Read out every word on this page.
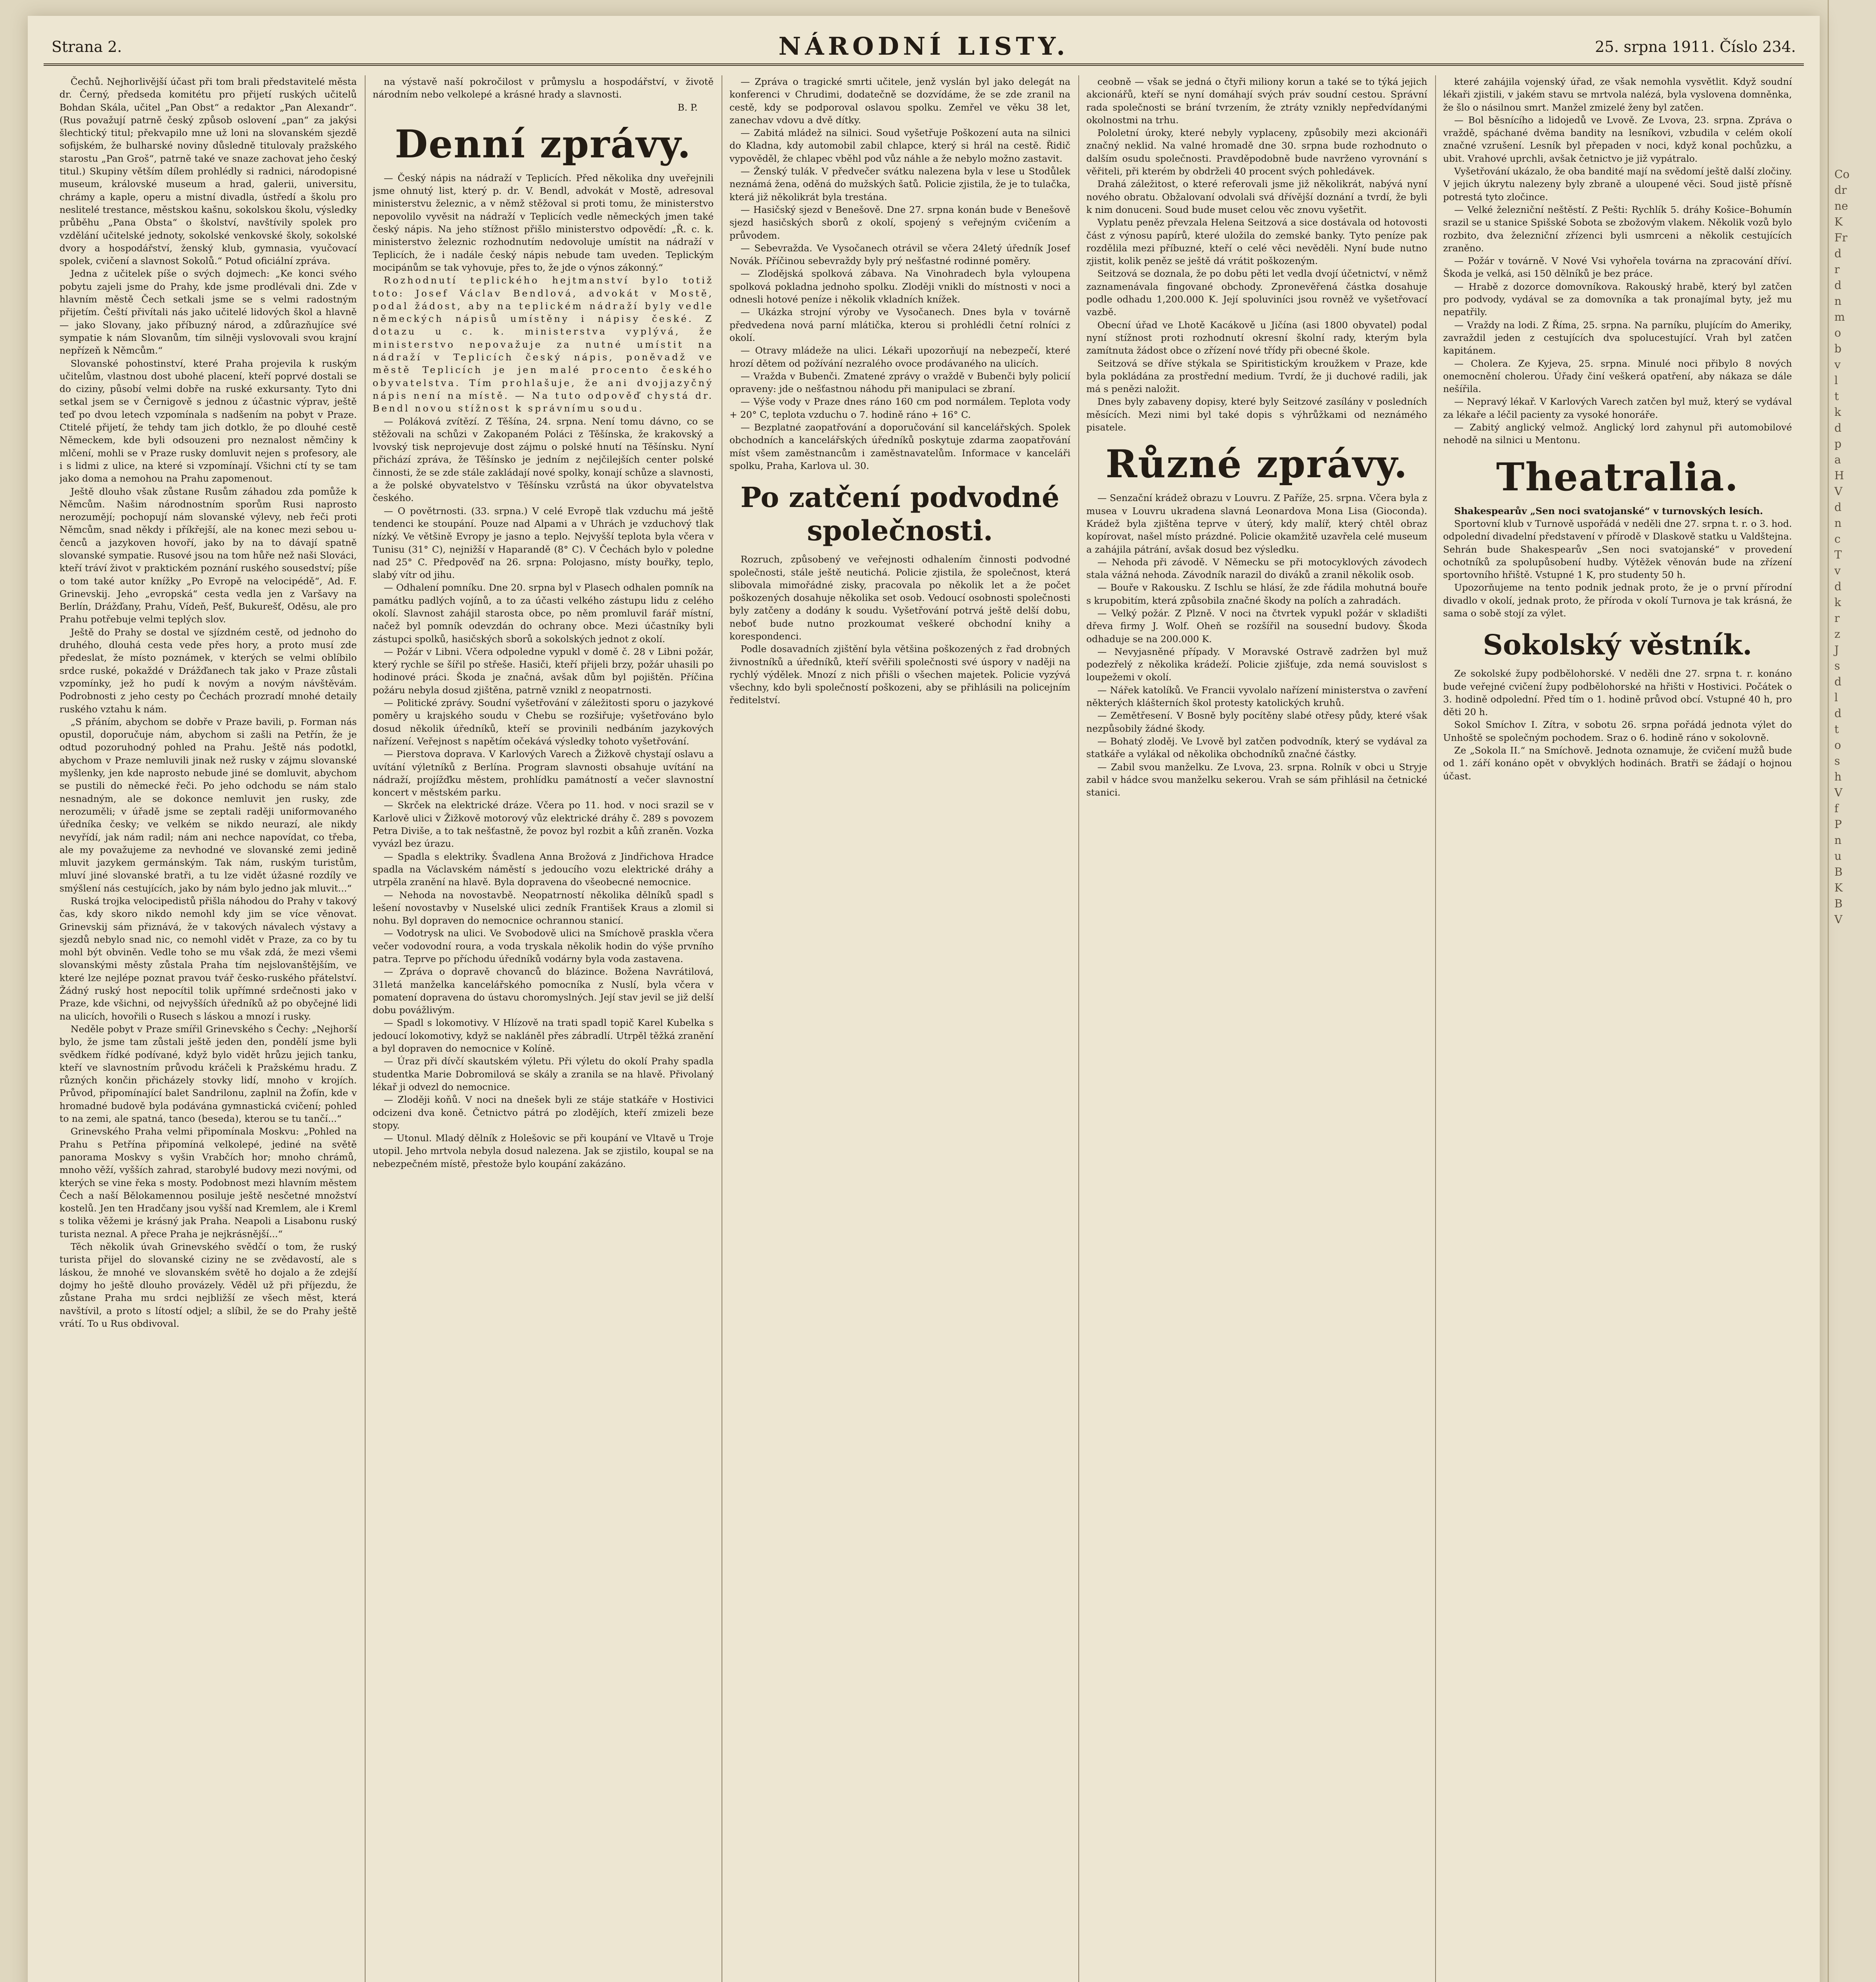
Co
dr
ne
K
Fr
d
r
d
n
m
o
b
v
l
t
k
d
p
a
H
V
d
n
c
T
v
d
k
r
z
J
s
d
l
d
t
o
s
h
V
f
P
n
u
B
K
B
V
Strana 2.	NÁRODNÍ LISTY.	25. srpna 1911. Číslo 234.

Čechů. Nejhorlivější účast při tom brali představitelé města dr. Černý, předseda komitétu pro přijetí ruských učitelů Bohdan Skála, učitel „Pan Obst“ a redaktor „Pan Alexandr“. (Rus považují patrně český způsob oslovení „pan“ za jakýsi šlechtický titul; překvapilo mne už loni na slovanském sjezdě sofijském, že bulharské noviny důsledně titulovaly pražského starostu „Pan Groš“, patrně také ve snaze zachovat jeho český titul.) Skupiny větším dílem prohlédly si radnici, národopisné museum, královské museum a hrad, galerii, universitu, chrámy a kaple, operu a mistní divadla, ústředí a školu pro neslitelé trestance, městskou kašnu, sokolskou školu, výsledky průběhu „Pana Obsta“ o školství, navštívily spolek pro vzdělání učitelské jednoty, sokolské venkovské školy, sokolské dvory a hospodářství, ženský klub, gymnasia, vyučovací spolek, cvičení a slavnost Sokolů.“ Potud oficiální zpráva.

Jedna z učitelek píše o svých dojmech: „Ke konci svého pobytu zajeli jsme do Prahy, kde jsme prodlévali dni. Zde v hlavním městě Čech setkali jsme se s velmi radostným přijetím. Čeští přivítali nás jako učitelé lidových škol a hlavně — jako Slovany, jako příbuzný národ, a zdůrazňujíce své sympatie k nám Slovanům, tím silněji vyslovovali svou krajní nepřízeň k Němcům.“

Slovanské pohostinství, které Praha projevila k ruským učitelům, vlastnou dost ubohé placení, kteří poprvé dostali se do ciziny, působí velmi dobře na ruské exkursanty. Tyto dni setkal jsem se v Černigově s jednou z účastnic výprav, ještě teď po dvou letech vzpomínala s nadšením na pobyt v Praze. Ctitelé přijetí, že tehdy tam jich dotklo, že po dlouhé cestě Německem, kde byli odsouzeni pro neznalost němčiny k mlčení, mohli se v Praze rusky domluvit nejen s profesory, ale i s lidmi z ulice, na které si vzpomínají. Všichni ctí ty se tam jako doma a nemohou na Prahu zapomenout.

Ještě dlouho však zůstane Rusům záhadou zda pomůže k Němcům. Našim národnostním sporům Rusi naprosto nerozumějí; pochopují nám slovanské výlevy, neb řeči proti Němcům, snad někdy i příkřejší, ale na konec mezi sebou učenců a jazykoven hovoří, jako by na to dávají spatně slovanské sympatie. Rusové jsou na tom hůře než naši Slováci, kteří tráví život v praktickém poznání ruského sousedství; píše o tom také autor knížky „Po Evropě na velocipédě“, Ad. F. Grinevskij. Jeho „evropská“ cesta vedla jen z Varšavy na Berlín, Drážďany, Prahu, Vídeň, Pešť, Bukurešť, Oděsu, ale pro Prahu potřebuje velmi teplých slov.

Ještě do Prahy se dostal ve sjízdném cestě, od jednoho do druhého, dlouhá cesta vede přes hory, a proto musí zde předeslat, že místo poznámek, v kterých se velmi oblíbilo srdce ruské, pokaždé v Drážďanech tak jako v Praze zůstali vzpomínky, jež ho pudí k novým a novým návštěvám. Podrobnosti z jeho cesty po Čechách prozradí mnohé detaily ruského vztahu k nám.

„S přáním, abychom se dobře v Praze bavili, p. Forman nás opustil, doporučuje nám, abychom si zašli na Petřín, že je odtud pozoruhodný pohled na Prahu. Ještě nás podotkl, abychom v Praze nemluvili jinak než rusky v zájmu slovanské myšlenky, jen kde naprosto nebude jiné se domluvit, abychom se pustili do německé řeči. Po jeho odchodu se nám stalo nesnadným, ale se dokonce nemluvit jen rusky, zde nerozuměli; v úřadě jsme se zeptali raději uniformovaného úředníka česky; ve velkém se nikdo neurazí, ale nikdy nevyřídí, jak nám radil; nám ani nechce napovídat, co třeba, ale my považujeme za nevhodné ve slovanské zemi jedině mluvit jazykem germánským. Tak nám, ruským turistům, mluví jiné slovanské bratři, a tu lze vidět úžasné rozdíly ve smýšlení nás cestujících, jako by nám bylo jedno jak mluvit...“

Ruská trojka velocipedistů přišla náhodou do Prahy v takový čas, kdy skoro nikdo nemohl kdy jim se více věnovat. Grinevskij sám přiznává, že v takových návalech výstavy a sjezdů nebylo snad nic, co nemohl vidět v Praze, za co by tu mohl být obviněn. Vedle toho se mu však zdá, že mezi všemi slovanskými městy zůstala Praha tím nejslovanštějším, ve které lze nejlépe poznat pravou tvář česko-ruského přátelství. Žádný ruský host nepocítil tolik upřímné srdečnosti jako v Praze, kde všichni, od nejvyšších úředníků až po obyčejné lidi na ulicích, hovořili o Rusech s láskou a mnozí i rusky.

Neděle pobyt v Praze smířil Grinevského s Čechy: „Nejhorší bylo, že jsme tam zůstali ještě jeden den, pondělí jsme byli svědkem řídké podívané, když bylo vidět hrůzu jejich tanku, kteří ve slavnostním průvodu kráčeli k Pražskému hradu. Z různých končin přicházely stovky lidí, mnoho v krojích. Průvod, připomínající balet Sandrilonu, zaplnil na Žofín, kde v hromadné budově byla podávána gymnastická cvičení; pohled to na zemi, ale spatná, tanco (beseda), kterou se tu tančí...“

Grinevského Praha velmi připomínala Moskvu: „Pohled na Prahu s Petřína připomíná velkolepé, jediné na světě panorama Moskvy s vyšin Vrabčích hor; mnoho chrámů, mnoho věží, vyšších zahrad, starobylé budovy mezi novými, od kterých se vine řeka s mosty. Podobnost mezi hlavním městem Čech a naší Bělokamennou posiluje ještě nesčetné množství kostelů. Jen ten Hradčany jsou vyšší nad Kremlem, ale i Kreml s tolika věžemi je krásný jak Praha. Neapoli a Lisabonu ruský turista neznal. A přece Praha je nejkrásnější...“

Těch několik úvah Grinevského svědčí o tom, že ruský turista přijel do slovanské ciziny ne se zvědavostí, ale s láskou, že mnohé ve slovanském světě ho dojalo a že zdejší dojmy ho ještě dlouho provázely. Věděl už při příjezdu, že zůstane Praha mu srdci nejbližší ze všech měst, která navštívil, a proto s lítostí odjel; a slíbil, že se do Prahy ještě vrátí. To u Rus obdivoval.

na výstavě naší pokročilost v průmyslu a hospodářství, v životě národním nebo velkolepé a krásné hrady a slavnosti.

B. P.

Denní zprávy.

— Český nápis na nádraží v Teplicích. Před několika dny uveřejnili jsme ohnutý list, který p. dr. V. Bendl, advokát v Mostě, adresoval ministerstvu železnic, a v němž stěžoval si proti tomu, že ministerstvo nepovolilo vyvěsit na nádraží v Teplicích vedle německých jmen také český nápis. Na jeho stížnost přišlo ministerstvo odpovědí: „Ř. c. k. ministerstvo železnic rozhodnutím nedovoluje umístit na nádraží v Teplicích, že i nadále český nápis nebude tam uveden. Teplickým mocipánům se tak vyhovuje, přes to, že jde o výnos zákonný.“

Rozhodnutí teplického hejtmanství bylo totiž toto: Josef Václav Bendlová, advokát v Mostě, podal žádost, aby na teplickém nádraží byly vedle německých nápisů umístěny i nápisy české. Z dotazu u c. k. ministerstva vyplývá, že ministerstvo nepovažuje za nutné umístit na nádraží v Teplicích český nápis, poněvadž ve městě Teplicích je jen malé procento českého obyvatelstva. Tím prohlašuje, že ani dvojjazyčný nápis není na místě. — Na tuto odpověď chystá dr. Bendl novou stížnost k správnímu soudu.

— Poláková zvítězí. Z Těšína, 24. srpna. Není tomu dávno, co se stěžovali na schůzi v Zakopaném Poláci z Těšínska, že krakovský a lvovský tisk neprojevuje dost zájmu o polské hnutí na Těšínsku. Nyní přichází zpráva, že Těšínsko je jedním z nejčilejších center polské činnosti, že se zde stále zakládají nové spolky, konají schůze a slavnosti, a že polské obyvatelstvo v Těšínsku vzrůstá na úkor obyvatelstva českého.

— O povětrnosti. (33. srpna.) V celé Evropě tlak vzduchu má ještě tendenci ke stoupání. Pouze nad Alpami a v Uhrách je vzduchový tlak nízký. Ve většině Evropy je jasno a teplo. Nejvyšší teplota byla včera v Tunisu (31° C), nejnižší v Haparandě (8° C). V Čechách bylo v poledne nad 25° C. Předpověď na 26. srpna: Polojasno, místy bouřky, teplo, slabý vítr od jihu.

— Odhalení pomníku. Dne 20. srpna byl v Plasech odhalen pomník na památku padlých vojínů, a to za účasti velkého zástupu lidu z celého okolí. Slavnost zahájil starosta obce, po něm promluvil farář místní, načež byl pomník odevzdán do ochrany obce. Mezi účastníky byli zástupci spolků, hasičských sborů a sokolských jednot z okolí.

— Požár v Libni. Včera odpoledne vypukl v domě č. 28 v Libni požár, který rychle se šířil po střeše. Hasiči, kteří přijeli brzy, požár uhasili po hodinové práci. Škoda je značná, avšak dům byl pojištěn. Příčina požáru nebyla dosud zjištěna, patrně vznikl z neopatrnosti.

— Politické zprávy. Soudní vyšetřování v záležitosti sporu o jazykové poměry u krajského soudu v Chebu se rozšiřuje; vyšetřováno bylo dosud několik úředníků, kteří se provinili nedbáním jazykových nařízení. Veřejnost s napětím očekává výsledky tohoto vyšetřování.

— Pierstova doprava. V Karlových Varech a Žižkově chystají oslavu a uvítání výletníků z Berlína. Program slavnosti obsahuje uvítání na nádraží, projížďku městem, prohlídku památností a večer slavnostní koncert v městském parku.

— Skrček na elektrické dráze. Včera po 11. hod. v noci srazil se v Karlově ulici v Žižkově motorový vůz elektrické dráhy č. 289 s povozem Petra Diviše, a to tak nešťastně, že povoz byl rozbit a kůň zraněn. Vozka vyvázl bez úrazu.

— Spadla s elektriky. Švadlena Anna Brožová z Jindřichova Hradce spadla na Václavském náměstí s jedoucího vozu elektrické dráhy a utrpěla zranění na hlavě. Byla dopravena do všeobecné nemocnice.

— Nehoda na novostavbě. Neopatrností několika dělníků spadl s lešení novostavby v Nuselské ulici zedník František Kraus a zlomil si nohu. Byl dopraven do nemocnice ochrannou stanicí.

— Vodotrysk na ulici. Ve Svobodově ulici na Smíchově praskla včera večer vodovodní roura, a voda tryskala několik hodin do výše prvního patra. Teprve po příchodu úředníků vodárny byla voda zastavena.

— Zpráva o dopravě chovanců do blázince. Božena Navrátilová, 31letá manželka kancelářského pomocníka z Nuslí, byla včera v pomatení dopravena do ústavu choromyslných. Její stav jevil se již delší dobu povážlivým.

— Spadl s lokomotivy. V Hlízově na trati spadl topič Karel Kubelka s jedoucí lokomotivy, když se nakláněl přes zábradlí. Utrpěl těžká zranění a byl dopraven do nemocnice v Kolíně.

— Úraz při dívčí skautském výletu. Při výletu do okolí Prahy spadla studentka Marie Dobromilová se skály a zranila se na hlavě. Přivolaný lékař ji odvezl do nemocnice.

— Zloději koňů. V noci na dnešek byli ze stáje statkáře v Hostivici odcizeni dva koně. Četnictvo pátrá po zlodějích, kteří zmizeli beze stopy.

— Utonul. Mladý dělník z Holešovic se při koupání ve Vltavě u Troje utopil. Jeho mrtvola nebyla dosud nalezena. Jak se zjistilo, koupal se na nebezpečném místě, přestože bylo koupání zakázáno.

— Zpráva o tragické smrti učitele, jenž vyslán byl jako delegát na konferenci v Chrudimi, dodatečně se dozvídáme, že se zde zranil na cestě, kdy se podporoval oslavou spolku. Zemřel ve věku 38 let, zanechav vdovu a dvě dítky.

— Zabitá mládež na silnici. Soud vyšetřuje Poškození auta na silnici do Kladna, kdy automobil zabil chlapce, který si hrál na cestě. Řidič vypověděl, že chlapec vběhl pod vůz náhle a že nebylo možno zastavit.

— Ženský tulák. V předvečer svátku nalezena byla v lese u Stodůlek neznámá žena, oděná do mužských šatů. Policie zjistila, že je to tulačka, která již několikrát byla trestána.

— Hasičský sjezd v Benešově. Dne 27. srpna konán bude v Benešově sjezd hasičských sborů z okolí, spojený s veřejným cvičením a průvodem.

— Sebevražda. Ve Vysočanech otrávil se včera 24letý úředník Josef Novák. Příčinou sebevraždy byly prý nešťastné rodinné poměry.

— Zlodějská spolková zábava. Na Vinohradech byla vyloupena spolková pokladna jednoho spolku. Zloději vnikli do místnosti v noci a odnesli hotové peníze i několik vkladních knížek.

— Ukázka strojní výroby ve Vysočanech. Dnes byla v továrně předvedena nová parní mlátička, kterou si prohlédli četní rolníci z okolí.

— Otravy mládeže na ulici. Lékaři upozorňují na nebezpečí, které hrozí dětem od požívání nezralého ovoce prodávaného na ulicích.

— Vražda v Bubenči. Zmatené zprávy o vraždě v Bubenči byly policií opraveny: jde o nešťastnou náhodu při manipulaci se zbraní.

— Výše vody v Praze dnes ráno 160 cm pod normálem. Teplota vody + 20° C, teplota vzduchu o 7. hodině ráno + 16° C.

— Bezplatné zaopatřování a doporučování sil kancelářských. Spolek obchodních a kancelářských úředníků poskytuje zdarma zaopatřování míst všem zaměstnancům i zaměstnavatelům. Informace v kanceláři spolku, Praha, Karlova ul. 30.

Po zatčení podvodné společnosti.

Rozruch, způsobený ve veřejnosti odhalením činnosti podvodné společnosti, stále ještě neutichá. Policie zjistila, že společnost, která slibovala mimořádné zisky, pracovala po několik let a že počet poškozených dosahuje několika set osob. Vedoucí osobnosti společnosti byly zatčeny a dodány k soudu. Vyšetřování potrvá ještě delší dobu, neboť bude nutno prozkoumat veškeré obchodní knihy a korespondenci.

Podle dosavadních zjištění byla většina poškozených z řad drobných živnostníků a úředníků, kteří svěřili společnosti své úspory v naději na rychlý výdělek. Mnozí z nich přišli o všechen majetek. Policie vyzývá všechny, kdo byli společností poškozeni, aby se přihlásili na policejním ředitelství.

ceobně — však se jedná o čtyři miliony korun a také se to týká jejich akcionářů, kteří se nyní domáhají svých práv soudní cestou. Správní rada společnosti se brání tvrzením, že ztráty vznikly nepředvídanými okolnostmi na trhu.

Pololetní úroky, které nebyly vyplaceny, způsobily mezi akcionáři značný neklid. Na valné hromadě dne 30. srpna bude rozhodnuto o dalším osudu společnosti. Pravděpodobně bude navrženo vyrovnání s věřiteli, při kterém by obdrželi 40 procent svých pohledávek.

Drahá záležitost, o které referovali jsme již několikrát, nabývá nyní nového obratu. Obžalovaní odvolali svá dřívější doznání a tvrdí, že byli k nim donuceni. Soud bude muset celou věc znovu vyšetřit.

Vyplatu peněz převzala Helena Seitzová a sice dostávala od hotovosti část z výnosu papírů, které uložila do zemské banky. Tyto peníze pak rozdělila mezi příbuzné, kteří o celé věci nevěděli. Nyní bude nutno zjistit, kolik peněz se ještě dá vrátit poškozeným.

Seitzová se doznala, že po dobu pěti let vedla dvojí účetnictví, v němž zaznamenávala fingované obchody. Zpronevěřená částka dosahuje podle odhadu 1,200.000 K. Její spoluviníci jsou rovněž ve vyšetřovací vazbě.

Obecní úřad ve Lhotě Kacákově u Jičína (asi 1800 obyvatel) podal nyní stížnost proti rozhodnutí okresní školní rady, kterým byla zamítnuta žádost obce o zřízení nové třídy při obecné škole.

Seitzová se dříve stýkala se Spiritistickým kroužkem v Praze, kde byla pokládána za prostřední medium. Tvrdí, že ji duchové radili, jak má s penězi naložit.

Dnes byly zabaveny dopisy, které byly Seitzové zasílány v posledních měsících. Mezi nimi byl také dopis s výhrůžkami od neznámého pisatele.

Různé zprávy.

— Senzační krádež obrazu v Louvru. Z Paříže, 25. srpna. Včera byla z musea v Louvru ukradena slavná Leonardova Mona Lisa (Gioconda). Krádež byla zjištěna teprve v úterý, kdy malíř, který chtěl obraz kopírovat, našel místo prázdné. Policie okamžitě uzavřela celé museum a zahájila pátrání, avšak dosud bez výsledku.

— Nehoda při závodě. V Německu se při motocyklových závodech stala vážná nehoda. Závodník narazil do diváků a zranil několik osob.

— Bouře v Rakousku. Z Ischlu se hlásí, že zde řádila mohutná bouře s krupobitím, která způsobila značné škody na polích a zahradách.

— Velký požár. Z Plzně. V noci na čtvrtek vypukl požár v skladišti dřeva firmy J. Wolf. Oheň se rozšířil na sousední budovy. Škoda odhaduje se na 200.000 K.

— Nevyjasněné případy. V Moravské Ostravě zadržen byl muž podezřelý z několika krádeží. Policie zjišťuje, zda nemá souvislost s loupežemi v okolí.

— Nářek katolíků. Ve Francii vyvolalo nařízení ministerstva o zavření některých klášterních škol protesty katolických kruhů.

— Zemětřesení. V Bosně byly pocítěny slabé otřesy půdy, které však nezpůsobily žádné škody.

— Bohatý zloděj. Ve Lvově byl zatčen podvodník, který se vydával za statkáře a vylákal od několika obchodníků značné částky.

— Zabil svou manželku. Ze Lvova, 23. srpna. Rolník v obci u Stryje zabil v hádce svou manželku sekerou. Vrah se sám přihlásil na četnické stanici.

které zahájila vojenský úřad, ze však nemohla vysvětlit. Když soudní lékaři zjistili, v jakém stavu se mrtvola nalézá, byla vyslovena domněnka, že šlo o násilnou smrt. Manžel zmizelé ženy byl zatčen.

— Bol běsnícího a lidojedů ve Lvově. Ze Lvova, 23. srpna. Zpráva o vraždě, spáchané dvěma bandity na lesníkovi, vzbudila v celém okolí značné vzrušení. Lesník byl přepaden v noci, když konal pochůzku, a ubit. Vrahové uprchli, avšak četnictvo je již vypátralo.

Vyšetřování ukázalo, že oba bandité mají na svědomí ještě další zločiny. V jejich úkrytu nalezeny byly zbraně a uloupené věci. Soud jistě přísně potrestá tyto zločince.

— Velké železniční neštěstí. Z Pešti: Rychlík 5. dráhy Košice–Bohumín srazil se u stanice Spišské Sobota se zbožovým vlakem. Několik vozů bylo rozbito, dva železniční zřízenci byli usmrceni a několik cestujících zraněno.

— Požár v továrně. V Nové Vsi vyhořela továrna na zpracování dříví. Škoda je velká, asi 150 dělníků je bez práce.

— Hrabě z dozorce domovníkova. Rakouský hrabě, který byl zatčen pro podvody, vydával se za domovníka a tak pronajímal byty, jež mu nepatřily.

— Vraždy na lodi. Z Říma, 25. srpna. Na parníku, plujícím do Ameriky, zavraždil jeden z cestujících dva spolucestující. Vrah byl zatčen kapitánem.

— Cholera. Ze Kyjeva, 25. srpna. Minulé noci přibylo 8 nových onemocnění cholerou. Úřady činí veškerá opatření, aby nákaza se dále nešířila.

— Nepravý lékař. V Karlových Varech zatčen byl muž, který se vydával za lékaře a léčil pacienty za vysoké honoráře.

— Zabitý anglický velmož. Anglický lord zahynul při automobilové nehodě na silnici u Mentonu.

Theatralia.

Shakespearův „Sen noci svatojanské“ v turnovských lesích.

Sportovní klub v Turnově uspořádá v neděli dne 27. srpna t. r. o 3. hod. odpolední divadelní představení v přírodě v Dlaskově statku u Valdštejna. Sehrán bude Shakespearův „Sen noci svatojanské“ v provedení ochotníků za spolupůsobení hudby. Výtěžek věnován bude na zřízení sportovního hřiště. Vstupné 1 K, pro studenty 50 h.

Upozorňujeme na tento podnik jednak proto, že je o první přírodní divadlo v okolí, jednak proto, že příroda v okolí Turnova je tak krásná, že sama o sobě stojí za výlet.

Sokolský věstník.

Ze sokolské župy podbělohorské. V neděli dne 27. srpna t. r. konáno bude veřejné cvičení župy podbělohorské na hřišti v Hostivici. Počátek o 3. hodině odpolední. Před tím o 1. hodině průvod obcí. Vstupné 40 h, pro děti 20 h.

Sokol Smíchov I. Zítra, v sobotu 26. srpna pořádá jednota výlet do Unhoště se společným pochodem. Sraz o 6. hodině ráno v sokolovně.

Ze „Sokola II.“ na Smíchově. Jednota oznamuje, že cvičení mužů bude od 1. září konáno opět v obvyklých hodinách. Bratři se žádají o hojnou účast.
